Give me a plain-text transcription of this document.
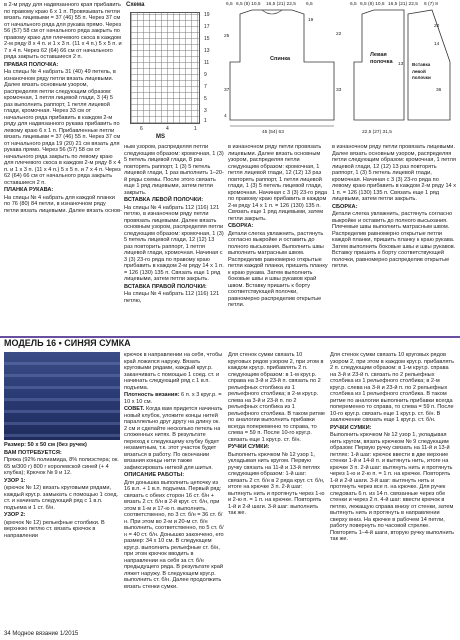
в 2-м ряду для надвязанного края прибавить по правому краю 6 х 1 п. Провязывать петли вязать лицевыми = 37 (46) 55 п. Через 37 см от начального ряда для рукава прямо. Через 56 (57) 58 см от начального ряда закрыть по правому краю для плечевого скоса в каждом 2-м ряду 8 х 4 п. и 1 х 3 п. (11 х 4 п.) 5 х 5 п. и 7 х 4 п. Через 62 (64) 66 см от начального ряда закрыть оставшиеся 2 п.

ПРАВАЯ ПОЛОЧКА:

На спицы № 4 набрать 31 (40) 49 петель, в изнаночном ряду петли вязать лицевыми. Далее вязать основным узором, распределяя петли следующим образом: кромочная, 1 петля лицевой глади, 3 (4) 5 раз выполнить раппорт, 1 петля лицевой глади, кромочная. Через 33 см от начального ряда прибавить в каждом 2-м ряду для надвязанного рукава прибавить по левому краю 6 х 1 п. Прибавленные петли вязать лицевыми = 37 (46) 55 п. Через 37 см от начального ряда 19 (20) 21 см вязать для рукава прямо. Через 56 (57) 58 см от начального ряда закрыть по левому краю для плечевого скоса в каждом 2-м ряду 8 х 4 п. и 1 х 3 п. (11 х 4 п.) 5 х 5 п. и 7 х 4 п. Через 62 (64) 66 см от начального ряда закрыть оставшиеся 2 п.

ПЛАНКА РУКАВА:

На спицы № 4 набрать для каждой планки по 76 (80) 84 петли, в изнаночном ряду петли вязать лицевыми. Далее вязать основ-

Схема
19
17
15
13
11
9
7
5
3
1
6	4	1
MS
6,5 6,5 (8) 10,5 16,5 (21) 22,5 6,5	6,5 6,5 (8) 10,5 16,5 (21) 22,5 6 (7) 8
19
25	22
20
14
37	33
4
13
36
45 (54) 63	22,5 (27) 31,5
Спинка
Левая полочка	Вставка левой полочки

ным узором, распределяя петли следующим образом: кромочная, 1 (3) 5 петель лицевой глади, 8 раз повторять раппорт, 1 (3) 5 петель лицевой глади, 1 раз выполнить 1–20-й ряды схемы. После этого связать еще 1 ряд лицевыми, затем петли закрыть.

ВСТАВКА ЛЕВОЙ ПОЛОЧКИ:

На спицы № 4 набрать 112 (116) 121 петлю, в изнаночном ряду петли провязать лицевыми. Далее вязать основным узором, распределяя петли следующим образом: кромочная, 1 (3) 5 петель лицевой глади, 12 (12) 13 раз повторить раппорт, 1 петля лицевой глади, кромочная. Начиная с 3 (3) 23-го ряда по правому краю прибавить в каждом 2-м ряду 14 х 1 п. = 126 (130) 135 п. Связать еще 1 ряд лицевыми, затем петли закрыть.

ВСТАВКА ПРАВОЙ ПОЛОЧКИ:

На спицы № 4 набрать 112 (116) 121 петлю,

в изнаночном ряду петли провязать лицевыми. Далее вязать основным узором, распределяя петли следующим образом: кромочная, 1 петля лицевой глади, 12 (12) 13 раз повторять раппорт, 1 петля лицевой глади, 1 (3) 5 петель лицевой глади, кромочная. Начиная с 3 (3) 23-го ряда по правому краю прибавить в каждом 2-м ряду 14 х 1 п. = 126 (130) 135 п. Связать еще 1 ряд лицевыми, затем петли закрыть.

СБОРКА:

Детали слегка увлажнить, растянуть согласно выкройке и оставить до полного высыхания. Выполнить швы выполнить матрасным швом. Распределив равномерно открытые петли каждой планки, пришить планку к краю рукава. Затем выполнить боковые швы и швы рукавов край швом. Вставку пришить к борту соответствующей полочки, равномерно распределив открытые петли.

в изнаночном ряду петли провязать лицевыми. Далее вязать основным узором, распределяя петли следующим образом: кромочная, 1 петля лицевой глади, 12 (12) 13 раз повторять раппорт, 1 (3) 5 петель лицевой глади, кромочная. Начиная с 3 (3) 23-го ряда по левому краю прибавить в каждом 2-м ряду 14 х 1 п. = 126 (130) 135 п. Связать еще 1 ряд лицевыми, затем петли закрыть.

СБОРКА:

Детали слегка увлажнить, растянуть согласно выкройке и оставить до полного высыхания. Плечевые швы выполнить матрасным швом. Распределив равномерно открытые петли каждой планки, пришить планку к краю рукава. Затем выполнить боковые швы и швы рукавов. Вставку пришить к борту соответствующей полочки, равномерно распределив открытые петли.

МОДЕЛЬ 16 • СИНЯЯ СУМКА

Размер: 50 х 50 см (без ручек)

ВАМ ПОТРЕБУЕТСЯ:

Пряжа (92% полиамида, 8% полиэстера; ок. 65 м/300 г) 800 г королевской синей (+ 4 клубка); Крючок № 9 и 12.

УЗОР 1:

(крючок № 12) вязать круговыми рядами, каждый круг.р. замыкать с помощью 1 соед. ст. и начинать следующий ряд с 1 в.п. подъема и 1 ст. б/н.

УЗОР 2:

(крючок № 12) рельефные столбики. В верхнюю петлю ст. вязать крючок в направлении

крючок в направлении на себя, чтобы край ложился наружу. Вязать круговыми рядами, каждый круг.р. заканчивать с помощью 1 соед. ст. и начинать следующий ряд с 1 в.п. подъема.

Плотность вязания: 6 п. х 3 круг.р. = 10 х 10 см.

СОВЕТ. Когда вам придется начинать новый клубок, уложите концы нитей параллельно друг другу на длину ок. 2 см и сделайте несколько петель на сложенных нитях. В результате переход к следующему клубку будет незаметным, т.к. этот участок будет вязаться в работу. По окончании вязания концы нити также зафиксировать ниткой для шитья.

ОПИСАНИЕ РАБОТЫ:

Для донышка выполнить цепочку из 16 в.п. + 1 в.п. подъема. Первый ряд: связать с обеих сторон 16 ст. б/н + вязать 2 ст. б/н в 2-й круг. ст. б/н, при этом в 1-м и 17-ю п. выполнить, соответственно, по 3 ст. б/н = 36 ст. б/н. При этом во 2-м и 20-м ст. б/н выполнить, соответственно, по 5 ст. б/н = 40 ст. б/н. Донышко закончено, его размер: 34 х 10 см. В следующем круг.р. выполнить рельефные ст. б/н, при этом крючок вводить в направлении на себя за ст. б/н предыдущего ряда. В результате край ляжет наружу. В следующем круг.р. выполнить ст. б/н. Далее продолжить вязать стенки сумки.

Для стенок сумки связать 10 круговых рядов узором 2, при этом в каждом круг.р. прибавлять 2 п. следующим образом: в 1-м круг.р. справа на 3-й и 23-й п. связать по 2 рельефных столбика из 1 рельефного столбика; в 2-м круг.р. слева на 3-й и 23-й п. по 2 рельефных столбика из 1 рельефного столбика. В таком ритме по аналогии выполнить прибавки всегда попеременно то справа, то слева = 59 п. После 10-го круг.р. связать еще 1 круг.р. ст. б/н.

РУЧКИ СУМКИ:

Выполнить крючком № 12 узор 1, укладывая нить кругом. Первую ручку связать на 11-й и 13-й петлях следующим образом: 1-й шаг: связать 2 ст. б/н в 2 ряда круг. ст. б/н, итоге на крючке 3 п. 2-й шаг: вытянуть нить и протянуть через 1-ю и 2-ю п. = 1 п. на крючке. Повторять 1-й и 2-й шаги. 3-й шаг: выполнить так же.

Для стенок сумки связать 10 круговых рядов узором 2, при этом в каждом круг.р. прибавлять 2 п. следующим образом: в 1-м круг.р. справа на 3-й и 23-й п. связать по 2 рельефных столбика из 1 рельефного столбика; в 2-м круг.р. слева на 3-й и 23-й п. по 2 рельефных столбика из 1 рельефного столбика. В таком ритме по аналогии выполнить прибавки всегда попеременно то справа, то слева = 59 п. После 10-го круг.р. связать еще 1 круг.р. ст. б/н. В заключение связать еще 1 круг.р. ст. б/н.

РУЧКИ СУМКИ:

Выполнить крючком № 12 узор 1, укладывая нить кругом, вязать крючком № 9 следующим образом: Первую ручку связать на 11-й и 13-й петлях: 1-й шаг: крючок ввести в две верхние стенки 1-й и 14-й п. и вытянуть нить, итоге на крючке 3 п. 2-й шаг: вытянуть нить и протянуть через 1-ю и 2-ю п. = 1 п. на крючке. Повторять 1-й и 2-й шаги. 3-й шаг: вытянуть нить и протянуть через все п. на крючке. Для ручек следовать 6 п. из 14 п. связанные через обе стенки и через 2 п. 4-й шаг: ввести крючок в петлю, лежащую справа внизу от стенки, затем вытянуть нить и протянуть в направлении сверху вниз. На крючке в рабочем 14 петли, работу повернуть по часовой стрелке. Повторять 1–4-й шаги, вторую ручку выполнить так же.

34 Модное вязание 1/2015
